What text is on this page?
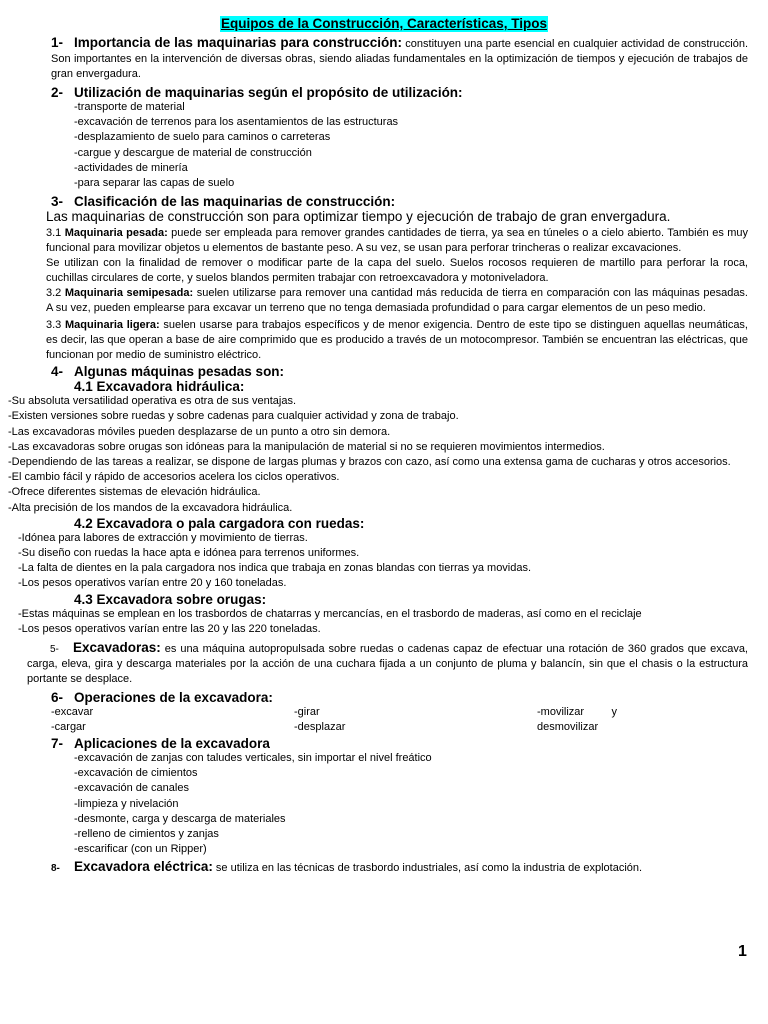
Equipos de la Construcción, Características, Tipos

1- Importancia de las maquinarias para construcción: constituyen una parte esencial en cualquier actividad de construcción. Son importantes en la intervención de diversas obras, siendo aliadas fundamentales en la optimización de tiempos y ejecución de trabajos de gran envergadura.

2- Utilización de maquinarias según el propósito de utilización:

-transporte de material
-excavación de terrenos para los asentamientos de las estructuras
-desplazamiento de suelo para caminos o carreteras
-cargue y descargue de material de construcción
-actividades de minería
-para separar las capas de suelo

3- Clasificación de las maquinarias de construcción:

Las maquinarias de construcción son para optimizar tiempo y ejecución de trabajo de gran envergadura.

3.1 Maquinaria pesada: puede ser empleada para remover grandes cantidades de tierra, ya sea en túneles o a cielo abierto. También es muy funcional para movilizar objetos u elementos de bastante peso. A su vez, se usan para perforar trincheras o realizar excavaciones.

Se utilizan con la finalidad de remover o modificar parte de la capa del suelo. Suelos rocosos requieren de martillo para perforar la roca, cuchillas circulares de corte, y suelos blandos permiten trabajar con retroexcavadora y motoniveladora.

3.2 Maquinaria semipesada: suelen utilizarse para remover una cantidad más reducida de tierra en comparación con las máquinas pesadas. A su vez, pueden emplearse para excavar un terreno que no tenga demasiada profundidad o para cargar elementos de un peso medio.

3.3 Maquinaria ligera: suelen usarse para trabajos específicos y de menor exigencia. Dentro de este tipo se distinguen aquellas neumáticas, es decir, las que operan a base de aire comprimido que es producido a través de un motocompresor. También se encuentran las eléctricas, que funcionan por medio de suministro eléctrico.

4- Algunas máquinas pesadas son:

4.1 Excavadora hidráulica:

-Su absoluta versatilidad operativa es otra de sus ventajas.
-Existen versiones sobre ruedas y sobre cadenas para cualquier actividad y zona de trabajo.
-Las excavadoras móviles pueden desplazarse de un punto a otro sin demora.
-Las excavadoras sobre orugas son idóneas para la manipulación de material si no se requieren movimientos intermedios.
-Dependiendo de las tareas a realizar, se dispone de largas plumas y brazos con cazo, así como una extensa gama de cucharas y otros accesorios.
-El cambio fácil y rápido de accesorios acelera los ciclos operativos.
-Ofrece diferentes sistemas de elevación hidráulica.
-Alta precisión de los mandos de la excavadora hidráulica.

4.2 Excavadora o pala cargadora con ruedas:

-Idónea para labores de extracción y movimiento de tierras.
-Su diseño con ruedas la hace apta e idónea para terrenos uniformes.
-La falta de dientes en la pala cargadora nos indica que trabaja en zonas blandas con tierras ya movidas.
-Los pesos operativos varían entre 20 y 160 toneladas.

4.3 Excavadora sobre orugas:

-Estas máquinas se emplean en los trasbordos de chatarras y mercancías, en el trasbordo de maderas, así como en el reciclaje
-Los pesos operativos varían entre las 20 y las 220 toneladas.

5- Excavadoras: es una máquina autopropulsada sobre ruedas o cadenas capaz de efectuar una rotación de 360 grados que excava, carga, eleva, gira y descarga materiales por la acción de una cuchara fijada a un conjunto de pluma y balancín, sin que el chasis o la estructura portante se desplace.

6- Operaciones de la excavadora:

-excavar	-girar	-movilizar         y
-cargar	-desplazar	desmovilizar

7- Aplicaciones de la excavadora

-excavación de zanjas con taludes verticales, sin importar el nivel freático
-excavación de cimientos
-excavación de canales
-limpieza y nivelación
-desmonte, carga y descarga de materiales
-relleno de cimientos y zanjas
-escarificar (con un Ripper)

8- Excavadora eléctrica: se utiliza en las técnicas de trasbordo industriales, así como la industria de explotación.

1
